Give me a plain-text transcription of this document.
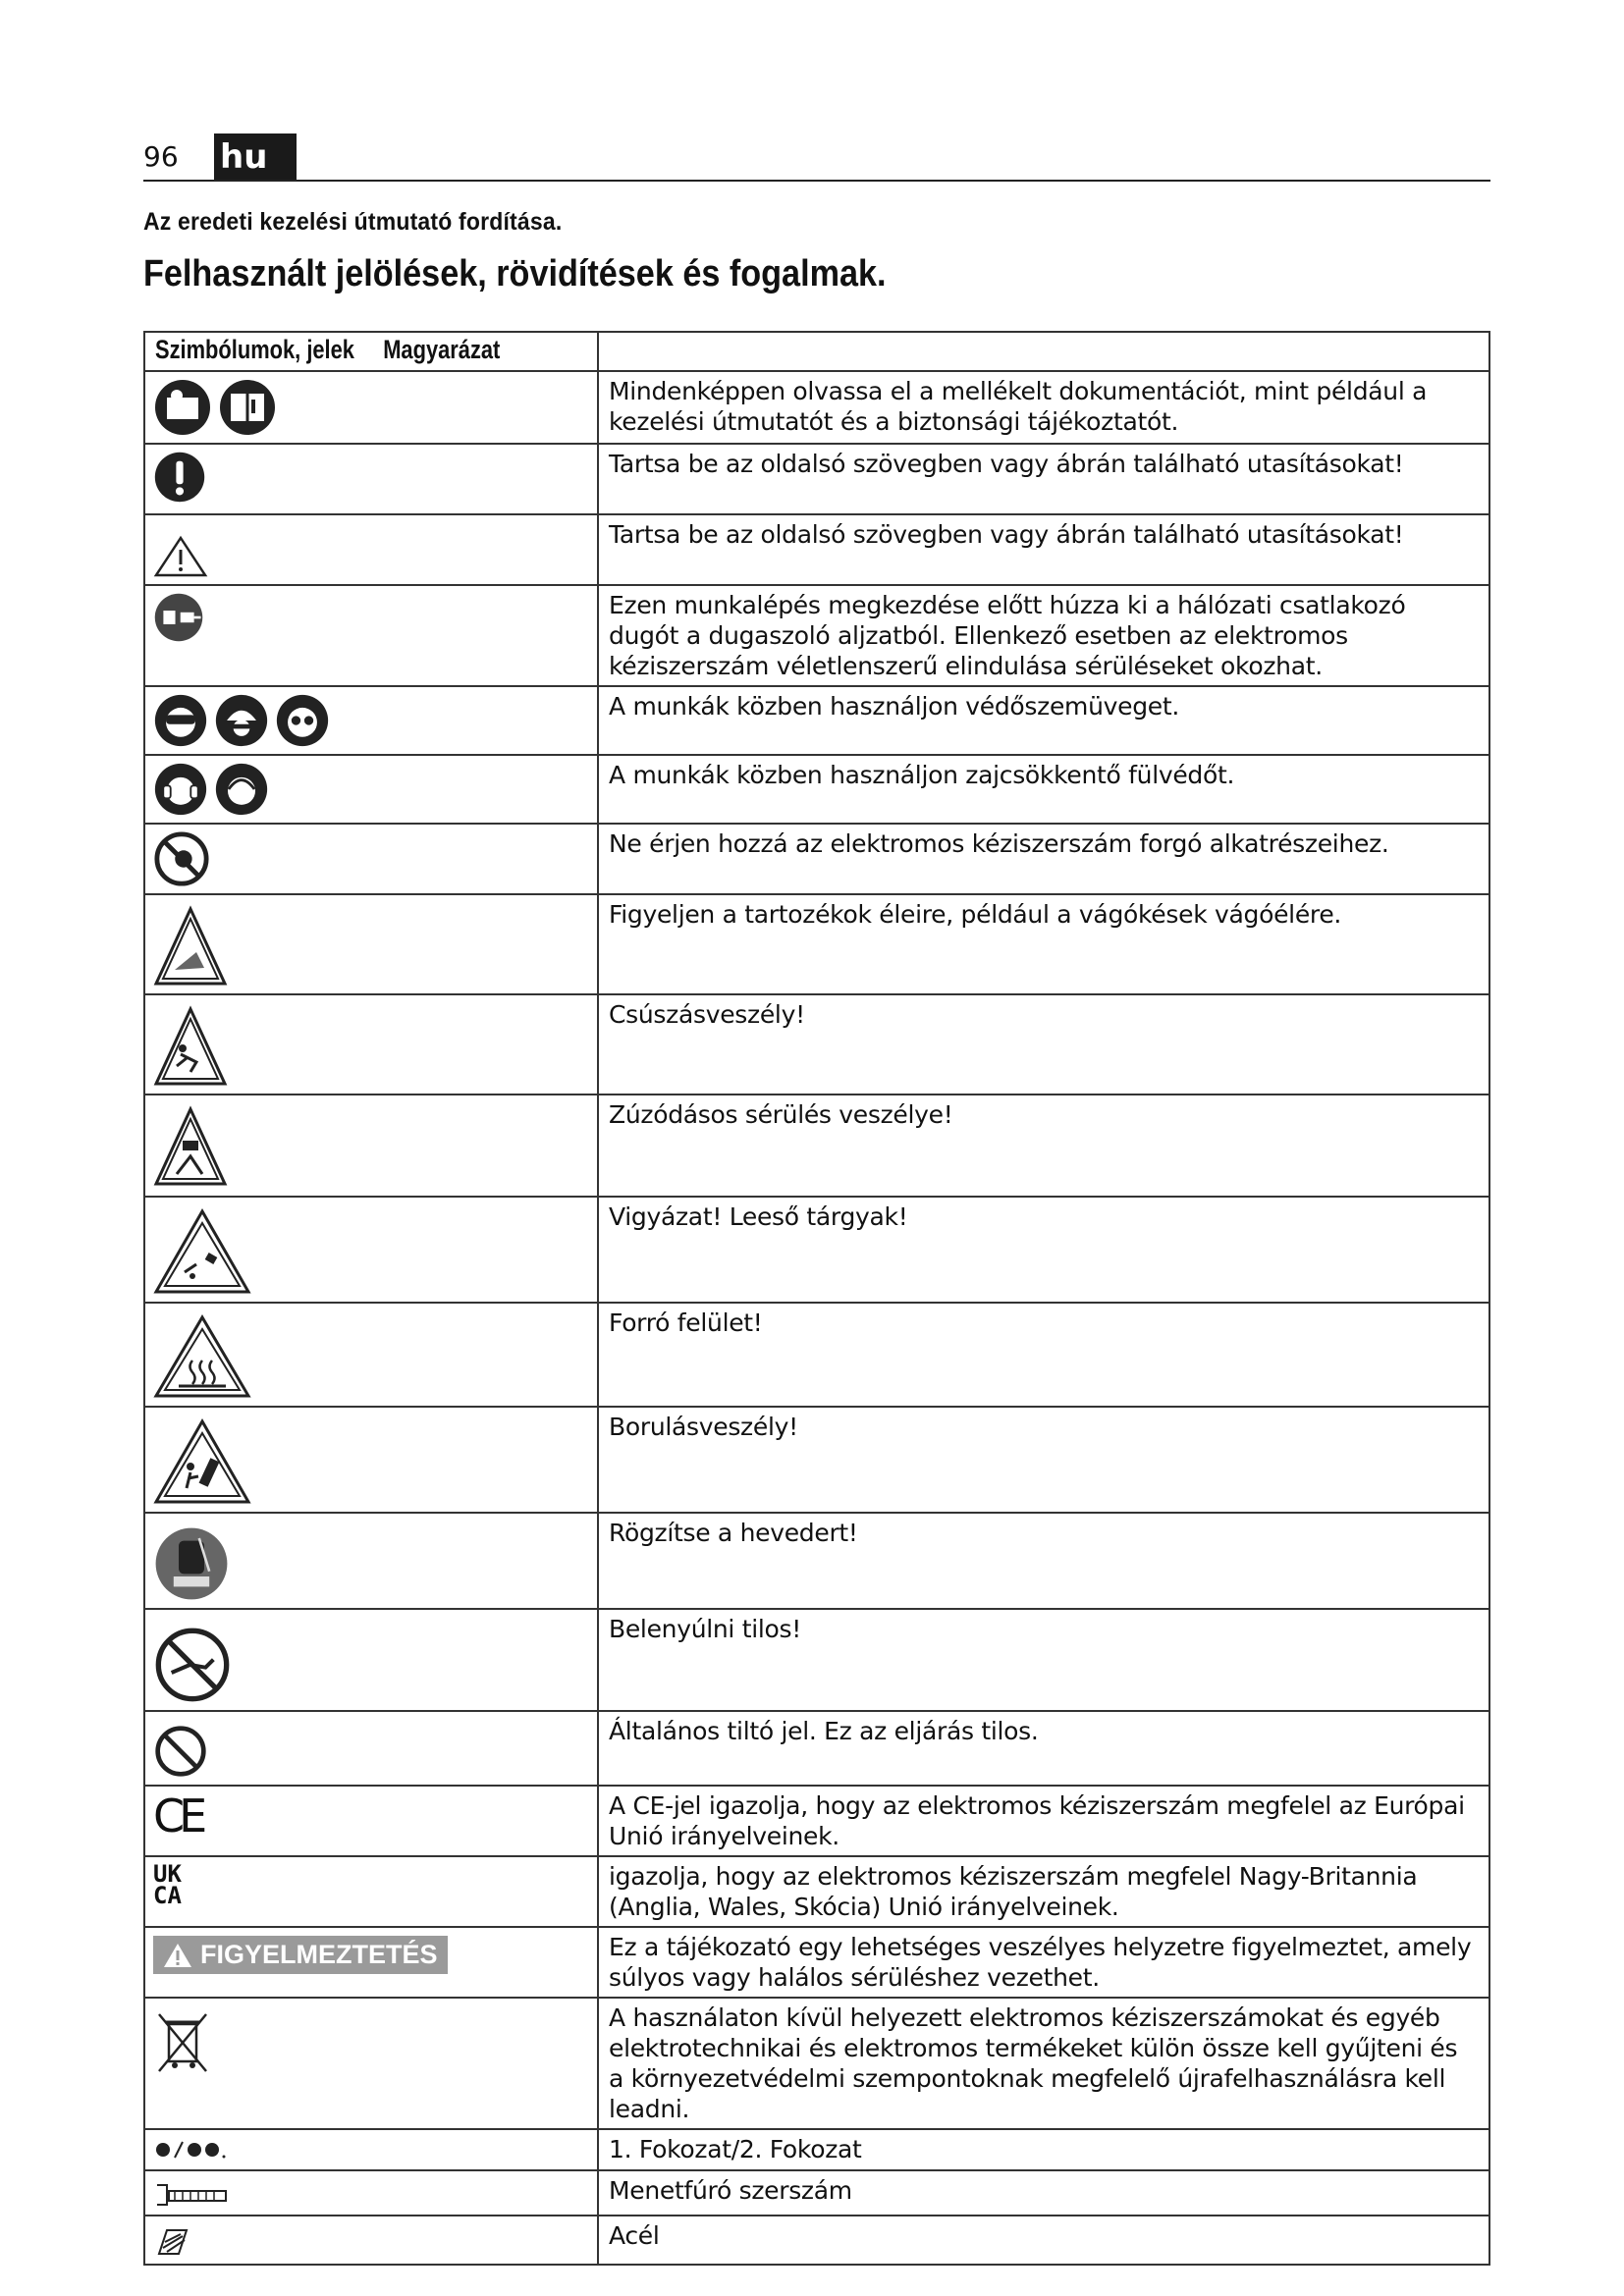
96 hu
Az eredeti kezelési útmutató fordítása.
Felhasznált jelölések, rövidítések és fogalmak.
Szimbólumok, jelek Magyarázat	

	Mindenképpen olvassa el a mellékelt dokumentációt, mint például a kezelési útmutatót és a biztonsági tájékoztatót.

	Tartsa be az oldalsó szövegben vagy ábrán található utasításokat!

	Tartsa be az oldalsó szövegben vagy ábrán található utasításokat!

	Ezen munkalépés megkezdése előtt húzza ki a hálózati csatlakozó dugót a dugaszoló aljzatból. Ellenkező esetben az elektromos kéziszerszám véletlenszerű elindulása sérüléseket okozhat.

	A munkák közben használjon védőszemüveget.

	A munkák közben használjon zajcsökkentő fülvédőt.

	Ne érjen hozzá az elektromos kéziszerszám forgó alkatrészeihez.

	Figyeljen a tartozékok éleire, például a vágókések vágóélére.

	Csúszásveszély!

	Zúzódásos sérülés veszélye!

	Vigyázat! Leeső tárgyak!

	Forró felület!

	Borulásveszély!

	Rögzítse a hevedert!

	Belenyúlni tilos!

	Általános tiltó jel. Ez az eljárás tilos.

CE	A CE-jel igazolja, hogy az elektromos kéziszerszám megfelel az Európai Unió irányelveinek.

UK
CA	igazolja, hogy az elektromos kéziszerszám megfelel Nagy-Britannia (Anglia, Wales, Skócia) Unió irányelveinek.

FIGYELMEZTETÉS	Ez a tájékozató egy lehetséges veszélyes helyzetre figyelmeztet, amely súlyos vagy halálos sérüléshez vezethet.

	A használaton kívül helyezett elektromos kéziszerszámokat és egyéb elektrotechnikai és elektromos termékeket külön össze kell gyűjteni és a környezetvédelmi szempontoknak megfelelő újrafelhasználásra kell leadni.

	1. Fokozat/2. Fokozat

	Menetfúró szerszám

	Acél
